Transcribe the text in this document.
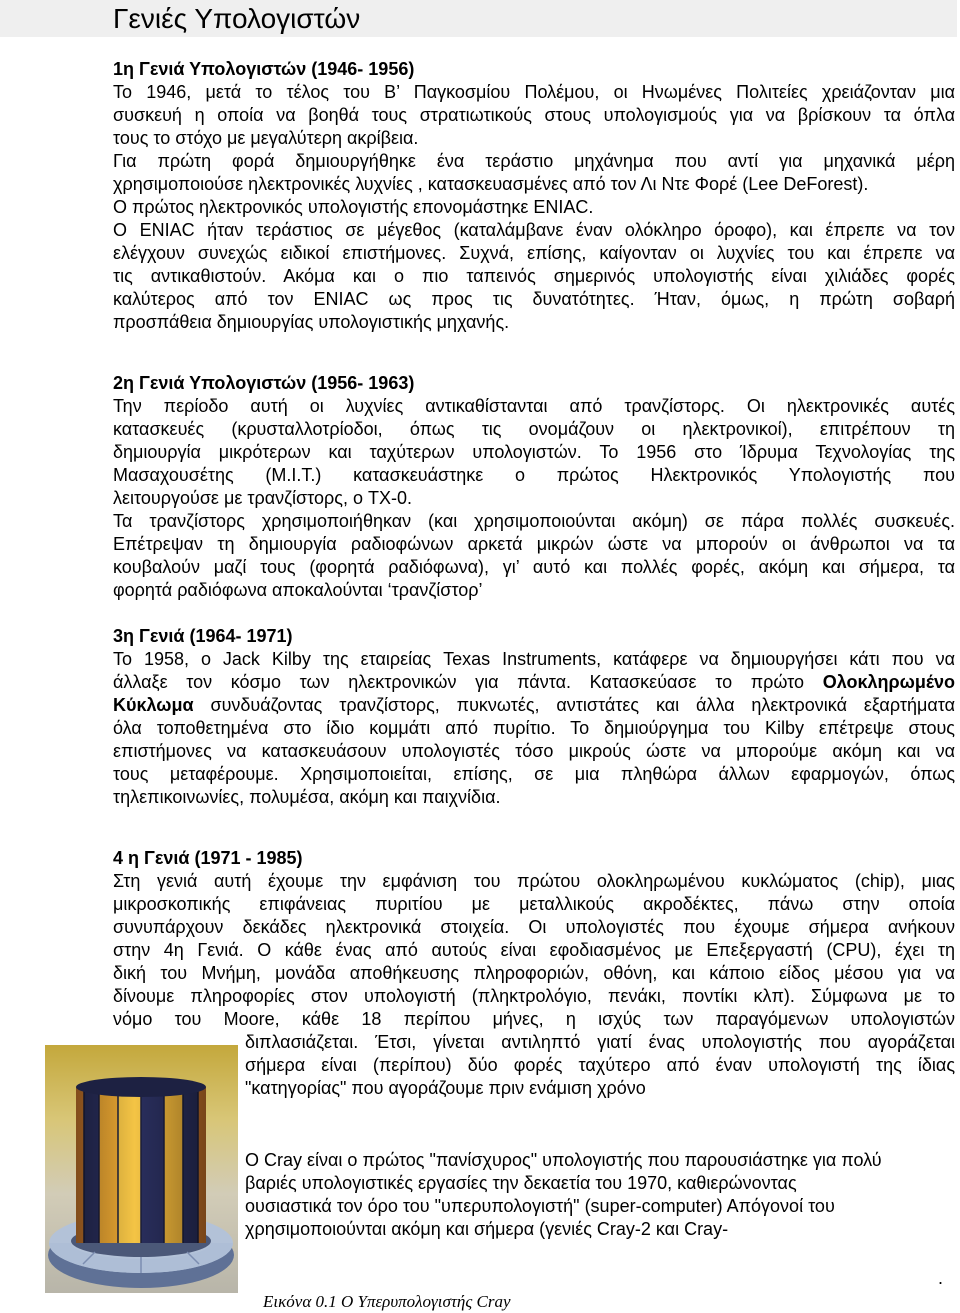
Γενιές Υπολογιστών
1η Γενιά Υπολογιστών (1946- 1956)
Το 1946, μετά το τέλος του Β’ Παγκοσμίου Πολέμου, οι Ηνωμένες Πολιτείες χρειάζονταν μια
συσκευή η οποία να βοηθά τους στρατιωτικούς στους υπολογισμούς για να βρίσκουν τα όπλα
τους το στόχο με μεγαλύτερη ακρίβεια.
Για πρώτη φορά δημιουργήθηκε ένα τεράστιο μηχάνημα που αντί για μηχανικά μέρη
χρησιμοποιούσε ηλεκτρονικές λυχνίες , κατασκευασμένες από τον Λι Ντε Φορέ (Lee DeForest).
Ο πρώτος ηλεκτρονικός υπολογιστής επονομάστηκε ENIAC.
Ο ENIAC ήταν τεράστιος σε μέγεθος (καταλάμβανε έναν ολόκληρο όροφο), και έπρεπε να τον
ελέγχουν συνεχώς ειδικοί επιστήμονες. Συχνά, επίσης, καίγονταν οι λυχνίες του και έπρεπε να
τις αντικαθιστούν. Ακόμα και ο πιο ταπεινός σημερινός υπολογιστής είναι χιλιάδες φορές
καλύτερος από τον ENIAC ως προς τις δυνατότητες. Ήταν, όμως, η πρώτη σοβαρή
προσπάθεια δημιουργίας υπολογιστικής μηχανής.
2η Γενιά Υπολογιστών (1956- 1963)
Την περίοδο αυτή οι λυχνίες αντικαθίστανται από τρανζίστορς. Οι ηλεκτρονικές αυτές
κατασκευές (κρυσταλλοτρίοδοι, όπως τις ονομάζουν οι ηλεκτρονικοί), επιτρέπουν τη
δημιουργία μικρότερων και ταχύτερων υπολογιστών. Το 1956 στο Ίδρυμα Τεχνολογίας της
Μασαχουσέτης (M.I.T.) κατασκευάστηκε ο πρώτος Ηλεκτρονικός Υπολογιστής που
λειτουργούσε με τρανζίστορς, ο TX-0.
Τα τρανζίστορς χρησιμοποιήθηκαν (και χρησιμοποιούνται ακόμη) σε πάρα πολλές συσκευές.
Επέτρεψαν τη δημιουργία ραδιοφώνων αρκετά μικρών ώστε να μπορούν οι άνθρωποι να τα
κουβαλούν μαζί τους (φορητά ραδιόφωνα), γι’ αυτό και πολλές φορές, ακόμη και σήμερα, τα
φορητά ραδιόφωνα αποκαλούνται ‘τρανζίστορ’
3η Γενιά (1964- 1971)
Το 1958, ο Jack Kilby της εταιρείας Texas Instruments, κατάφερε να δημιουργήσει κάτι που να
άλλαξε τον κόσμο των ηλεκτρονικών για πάντα. Κατασκεύασε το πρώτο Ολοκληρωμένο
Κύκλωμα συνδυάζοντας τρανζίστορς, πυκνωτές, αντιστάτες και άλλα ηλεκτρονικά εξαρτήματα
όλα τοποθετημένα στο ίδιο κομμάτι από πυρίτιο. Το δημιούργημα του Kilby επέτρεψε στους
επιστήμονες να κατασκευάσουν υπολογιστές τόσο μικρούς ώστε να μπορούμε ακόμη και να
τους μεταφέρουμε. Χρησιμοποιείται, επίσης, σε μια πληθώρα άλλων εφαρμογών, όπως
τηλεπικοινωνίες, πολυμέσα, ακόμη και παιχνίδια.
4 η Γενιά (1971 - 1985)
Στη γενιά αυτή έχουμε την εμφάνιση του πρώτου ολοκληρωμένου κυκλώματος (chip), μιας
μικροσκοπικής επιφάνειας πυριτίου με μεταλλικούς ακροδέκτες, πάνω στην οποία
συνυπάρχουν δεκάδες ηλεκτρονικά στοιχεία. Οι υπολογιστές που έχουμε σήμερα ανήκουν
στην 4η Γενιά. Ο κάθε ένας από αυτούς είναι εφοδιασμένος με Επεξεργαστή (CPU), έχει τη
δική του Μνήμη, μονάδα αποθήκευσης πληροφοριών, οθόνη, και κάποιο είδος μέσου για να
δίνουμε πληροφορίες στον υπολογιστή (πληκτρολόγιο, πενάκι, ποντίκι κλπ). Σύμφωνα με το
νόμο του Moore, κάθε 18 περίπου μήνες, η ισχύς των παραγόμενων υπολογιστών
διπλασιάζεται. Έτσι, γίνεται αντιληπτό γιατί ένας υπολογιστής που αγοράζεται
σήμερα είναι (περίπου) δύο φορές ταχύτερο από έναν υπολογιστή της ίδιας
"κατηγορίας" που αγοράζουμε πριν ενάμιση χρόνο
Ο Cray είναι ο πρώτος "πανίσχυρος" υπολογιστής που παρουσιάστηκε για πολύ
βαριές υπολογιστικές εργασίες την δεκαετία του 1970, καθιερώνοντας
ουσιαστικά τον όρο του "υπερυπολογιστή" (super-computer) Απόγονοί του
χρησιμοποιούνται ακόμη και σήμερα (γενιές Cray-2 και Cray-
Εικόνα 0.1 Ο Υπερυπολογιστής Cray
.
